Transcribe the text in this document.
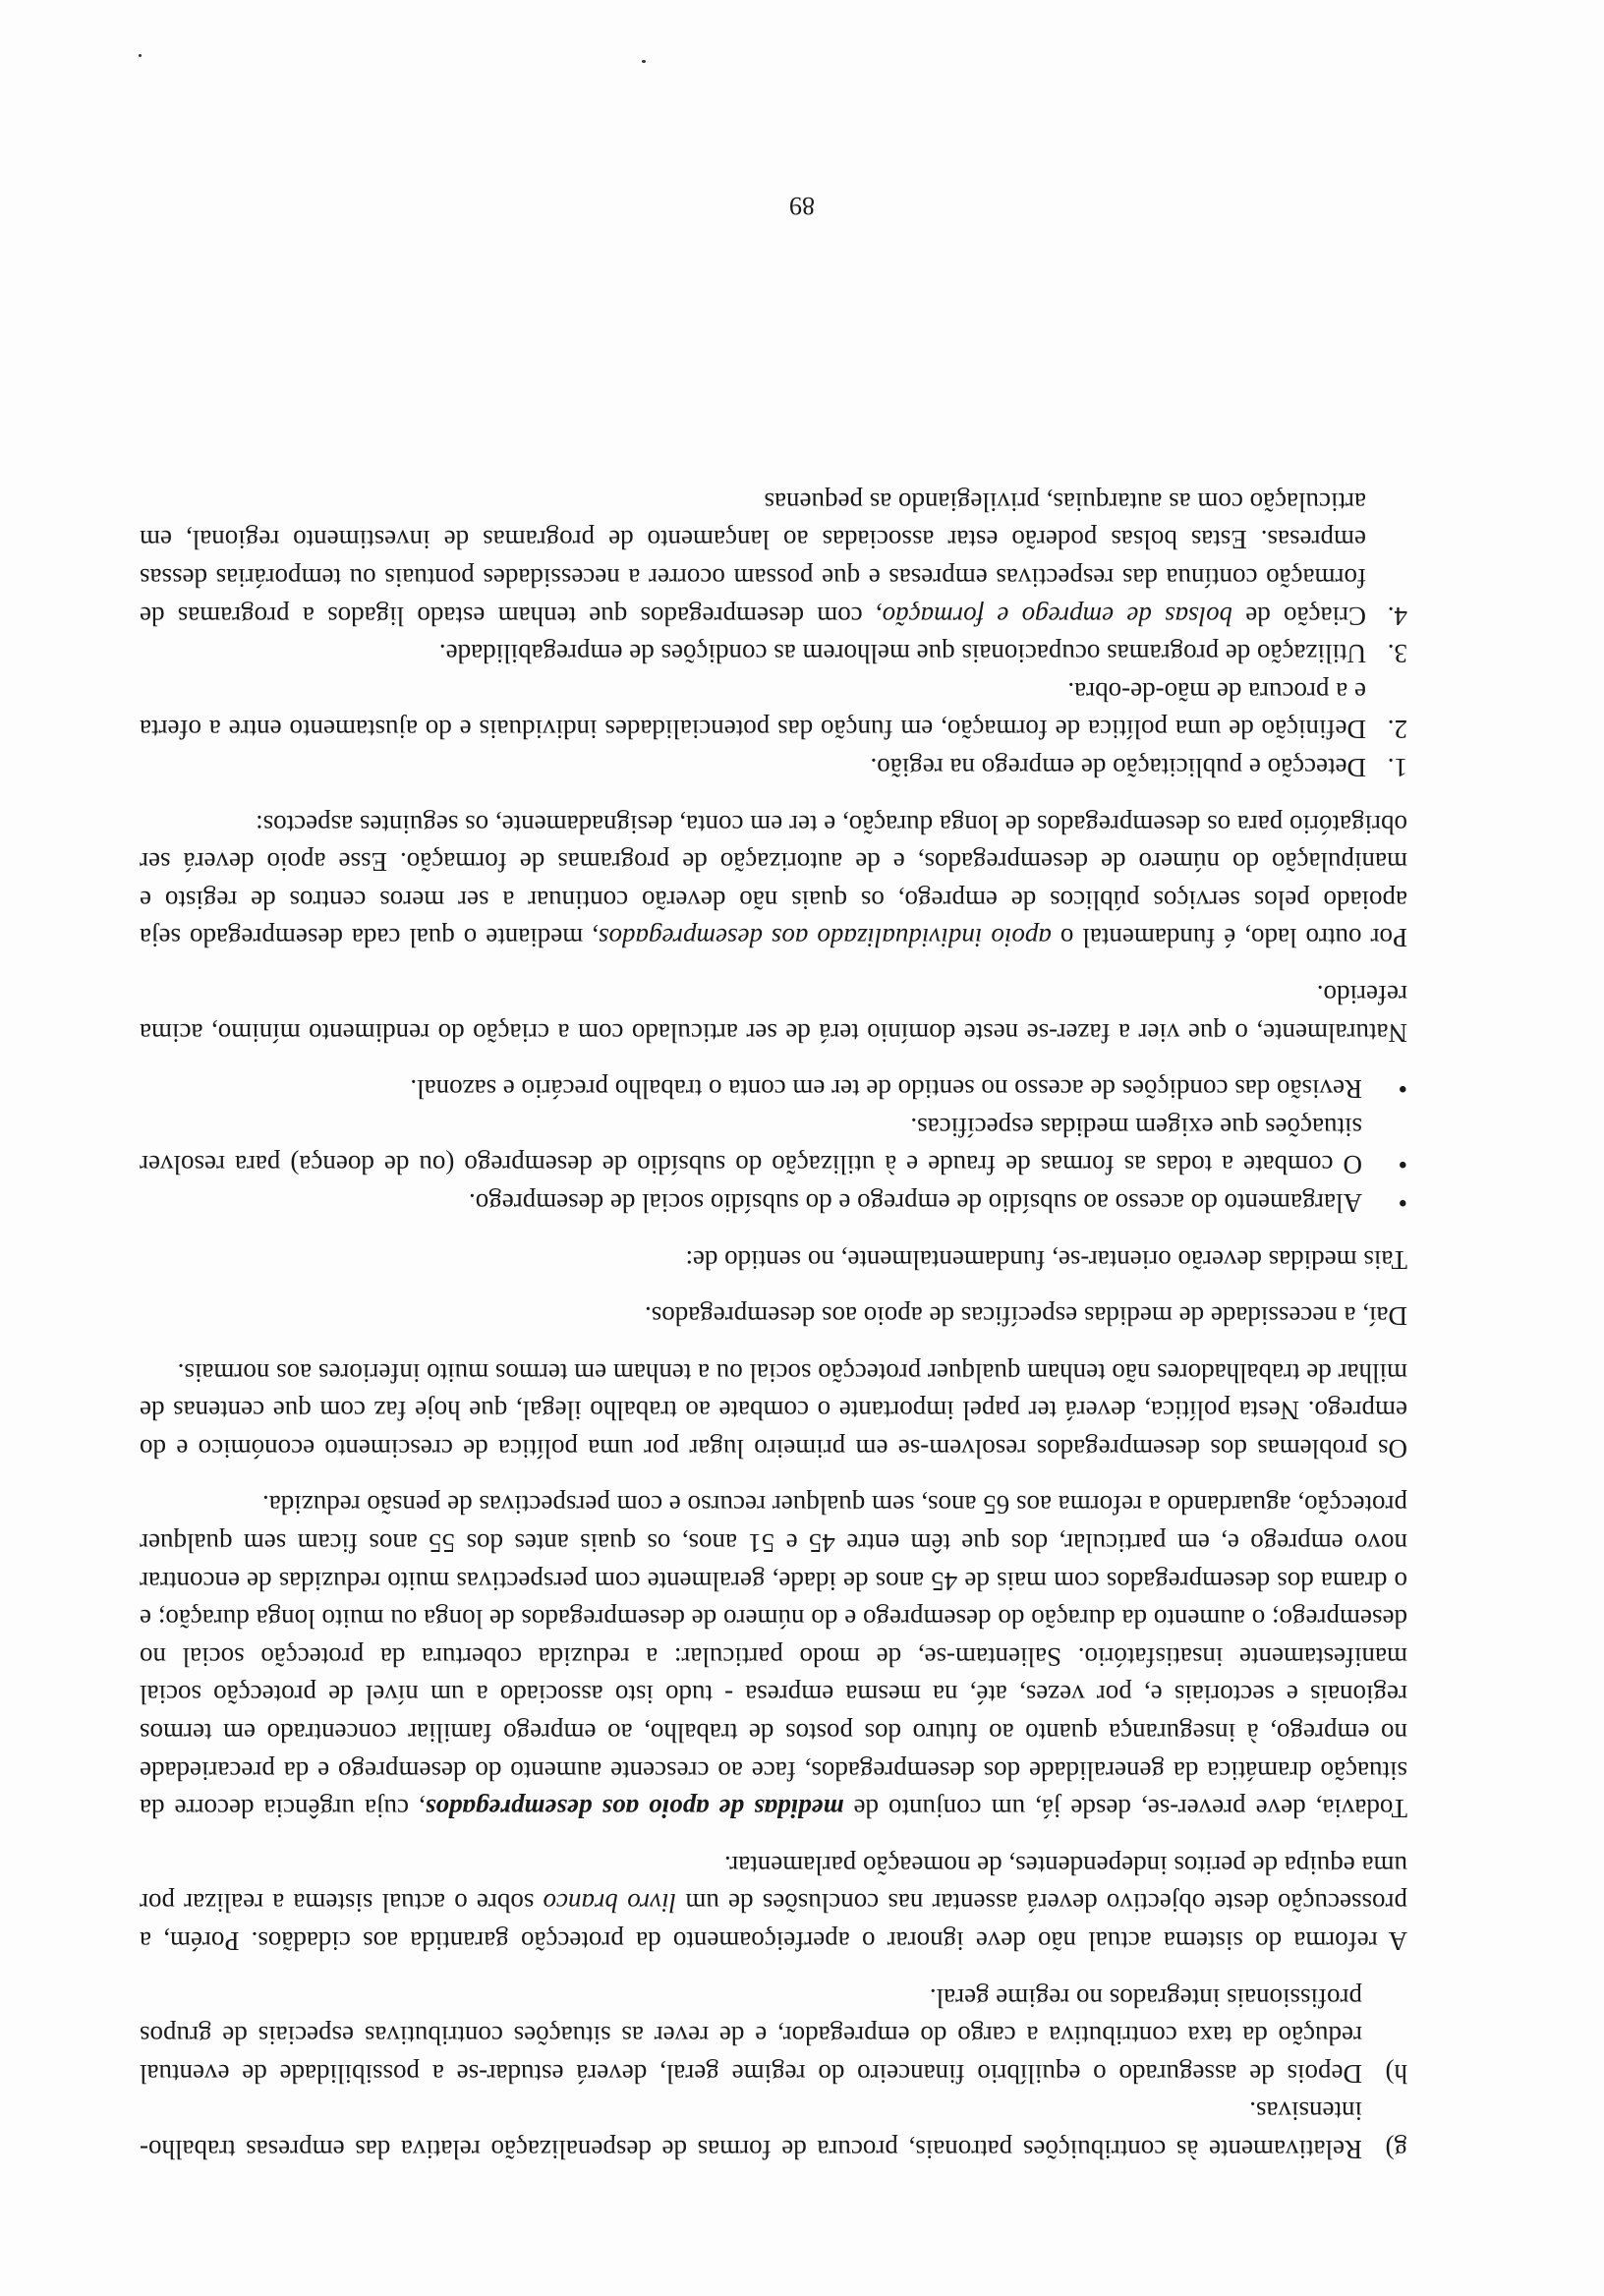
g)
Relativamente às contribuições patronais, procura de formas de despenalização relativa das empresas trabalho-intensivas.
h)
Depois de assegurado o equilíbrio financeiro do regime geral, deverá estudar-se a possibilidade de eventual redução da taxa contributiva a cargo do empregador, e de rever as situações contributivas especiais de grupos profissionais integrados no regime geral.

A reforma do sistema actual não deve ignorar o aperfeiçoamento da protecção garantida aos cidadãos. Porém, a prossecução deste objectivo deverá assentar nas conclusões de um livro branco sobre o actual sistema a realizar por uma equipa de peritos independentes, de nomeação parlamentar.

Todavia, deve prever-se, desde já, um conjunto de medidas de apoio aos desempregados, cuja urgência decorre da situação dramática da generalidade dos desempregados, face ao crescente aumento do desemprego e da precariedade no emprego, à insegurança quanto ao futuro dos postos de trabalho, ao emprego familiar concentrado em termos regionais e sectoriais e, por vezes, até, na mesma empresa - tudo isto associado a um nível de protecção social manifestamente insatisfatório. Salientam-se, de modo particular: a reduzida cobertura da protecção social no desemprego; o aumento da duração do desemprego e do número de desempregados de longa ou muito longa duração; e o drama dos desempregados com mais de 45 anos de idade, geralmente com perspectivas muito reduzidas de encontrar novo emprego e, em particular, dos que têm entre 45 e 51 anos, os quais antes dos 55 anos ficam sem qualquer protecção, aguardando a reforma aos 65 anos, sem qualquer recurso e com perspectivas de pensão reduzida.

Os problemas dos desempregados resolvem-se em primeiro lugar por uma política de crescimento económico e do emprego. Nesta política, deverá ter papel importante o combate ao trabalho ilegal, que hoje faz com que centenas de milhar de trabalhadores não tenham qualquer protecção social ou a tenham em termos muito inferiores aos normais.

Daí, a necessidade de medidas específicas de apoio aos desempregados.

Tais medidas deverão orientar-se, fundamentalmente, no sentido de:

•
Alargamento do acesso ao subsídio de emprego e do subsídio social de desemprego.
•
O combate a todas as formas de fraude e à utilização do subsídio de desemprego (ou de doença) para resolver situações que exigem medidas específicas.
•
Revisão das condições de acesso no sentido de ter em conta o trabalho precário e sazonal.

Naturalmente, o que vier a fazer-se neste domínio terá de ser articulado com a criação do rendimento mínimo, acima referido.

Por outro lado, é fundamental o apoio individualizado aos desempregados, mediante o qual cada desempregado seja apoiado pelos serviços públicos de emprego, os quais não deverão continuar a ser meros centros de registo e manipulação do número de desempregados, e de autorização de programas de formação. Esse apoio deverá ser obrigatório para os desempregados de longa duração, e ter em conta, designadamente, os seguintes aspectos:

1.
Detecção e publicitação de emprego na região.
2.
Definição de uma política de formação, em função das potencialidades individuais e do ajustamento entre a oferta e a procura de mão-de-obra.
3.
Utilização de programas ocupacionais que melhorem as condições de empregabilidade.
4.
Criação de bolsas de emprego e formação, com desempregados que tenham estado ligados a programas de formação contínua das respectivas empresas e que possam ocorrer a necessidades pontuais ou temporárias dessas empresas. Estas bolsas poderão estar associadas ao lançamento de programas de investimento regional, em articulação com as autarquias, privilegiando as pequenas
89
